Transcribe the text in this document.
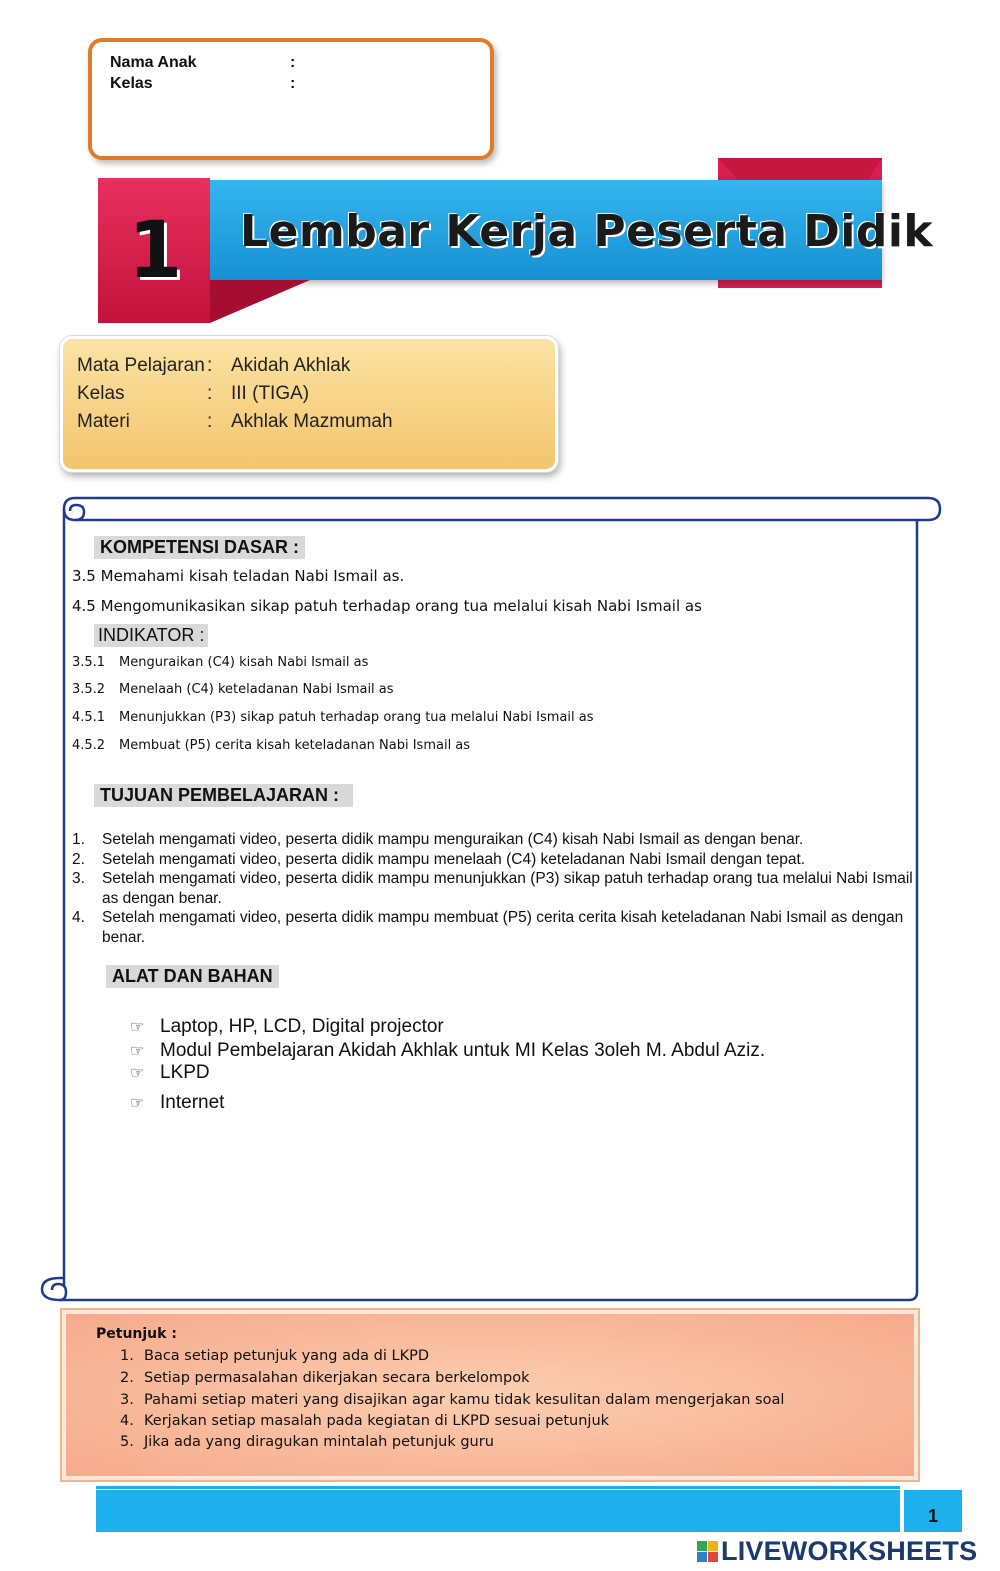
Nama Anak	:
Kelas	:
1 Lembar Kerja Peserta Didik
Mata Pelajaran : Akidah Akhlak
Kelas	: III (TIGA)
Materi	: Akhlak Mazmumah
KOMPETENSI DASAR :
3.5 Memahami kisah teladan Nabi Ismail as.
4.5 Mengomunikasikan sikap patuh terhadap orang tua melalui kisah Nabi Ismail as
INDIKATOR :
3.5.1 Menguraikan (C4) kisah Nabi Ismail as
3.5.2 Menelaah (C4) keteladanan Nabi Ismail as
4.5.1 Menunjukkan (P3) sikap patuh terhadap orang tua melalui Nabi Ismail as
4.5.2 Membuat (P5) cerita kisah keteladanan Nabi Ismail as
TUJUAN PEMBELAJARAN :
1. Setelah mengamati video, peserta didik mampu menguraikan (C4) kisah Nabi Ismail as dengan benar.
2. Setelah mengamati video, peserta didik mampu menelaah (C4) keteladanan Nabi Ismail dengan tepat.
3. Setelah mengamati video, peserta didik mampu menunjukkan (P3) sikap patuh terhadap orang tua melalui Nabi Ismail as dengan benar.
4. Setelah mengamati video, peserta didik mampu membuat (P5) cerita cerita kisah keteladanan Nabi Ismail as dengan benar.
ALAT DAN BAHAN
☞ Laptop, HP, LCD, Digital projector
☞ Modul Pembelajaran Akidah Akhlak untuk MI Kelas 3oleh M. Abdul Aziz.
☞ LKPD
☞ Internet
Petunjuk :
1. Baca setiap petunjuk yang ada di LKPD
2. Setiap permasalahan dikerjakan secara berkelompok
3. Pahami setiap materi yang disajikan agar kamu tidak kesulitan dalam mengerjakan soal
4. Kerjakan setiap masalah pada kegiatan di LKPD sesuai petunjuk
5. Jika ada yang diragukan mintalah petunjuk guru
1
LIVEWORKSHEETS
